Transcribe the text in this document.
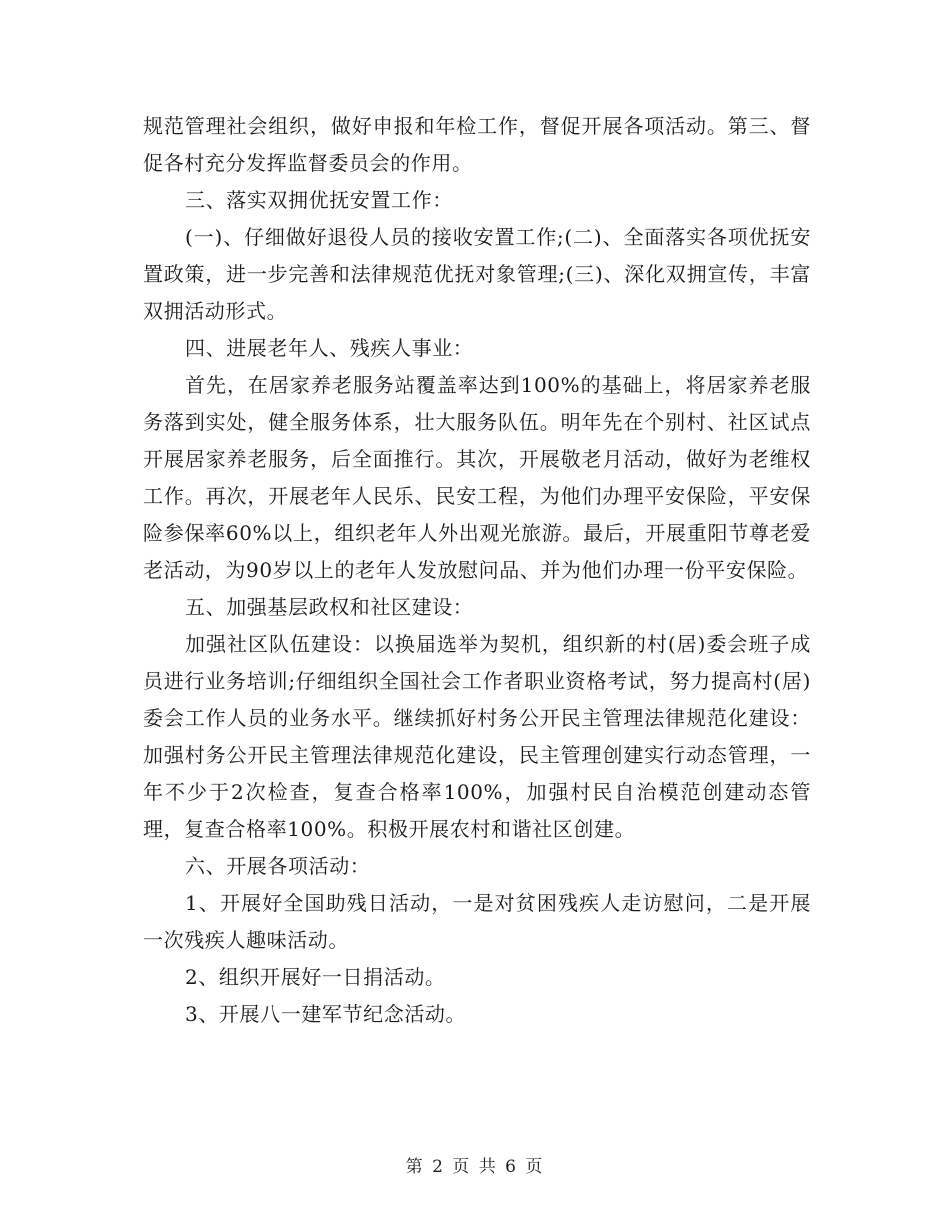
规范管理社会组织，做好申报和年检工作，督促开展各项活动。第三、督促各村充分发挥监督委员会的作用。

三、落实双拥优抚安置工作：

(一)、仔细做好退役人员的接收安置工作;(二)、全面落实各项优抚安置政策，进一步完善和法律规范优抚对象管理;(三)、深化双拥宣传，丰富双拥活动形式。

四、进展老年人、残疾人事业：

首先，在居家养老服务站覆盖率达到100%的基础上，将居家养老服务落到实处，健全服务体系，壮大服务队伍。明年先在个别村、社区试点开展居家养老服务，后全面推行。其次，开展敬老月活动，做好为老维权工作。再次，开展老年人民乐、民安工程，为他们办理平安保险，平安保险参保率60%以上，组织老年人外出观光旅游。最后，开展重阳节尊老爱老活动，为90岁以上的老年人发放慰问品、并为他们办理一份平安保险。

五、加强基层政权和社区建设：

加强社区队伍建设：以换届选举为契机，组织新的村(居)委会班子成员进行业务培训;仔细组织全国社会工作者职业资格考试，努力提高村(居)委会工作人员的业务水平。继续抓好村务公开民主管理法律规范化建设：加强村务公开民主管理法律规范化建设，民主管理创建实行动态管理，一年不少于2次检查，复查合格率100%，加强村民自治模范创建动态管理，复查合格率100%。积极开展农村和谐社区创建。

六、开展各项活动：

1、开展好全国助残日活动，一是对贫困残疾人走访慰问，二是开展一次残疾人趣味活动。

2、组织开展好一日捐活动。

3、开展八一建军节纪念活动。

第 2 页 共 6 页
